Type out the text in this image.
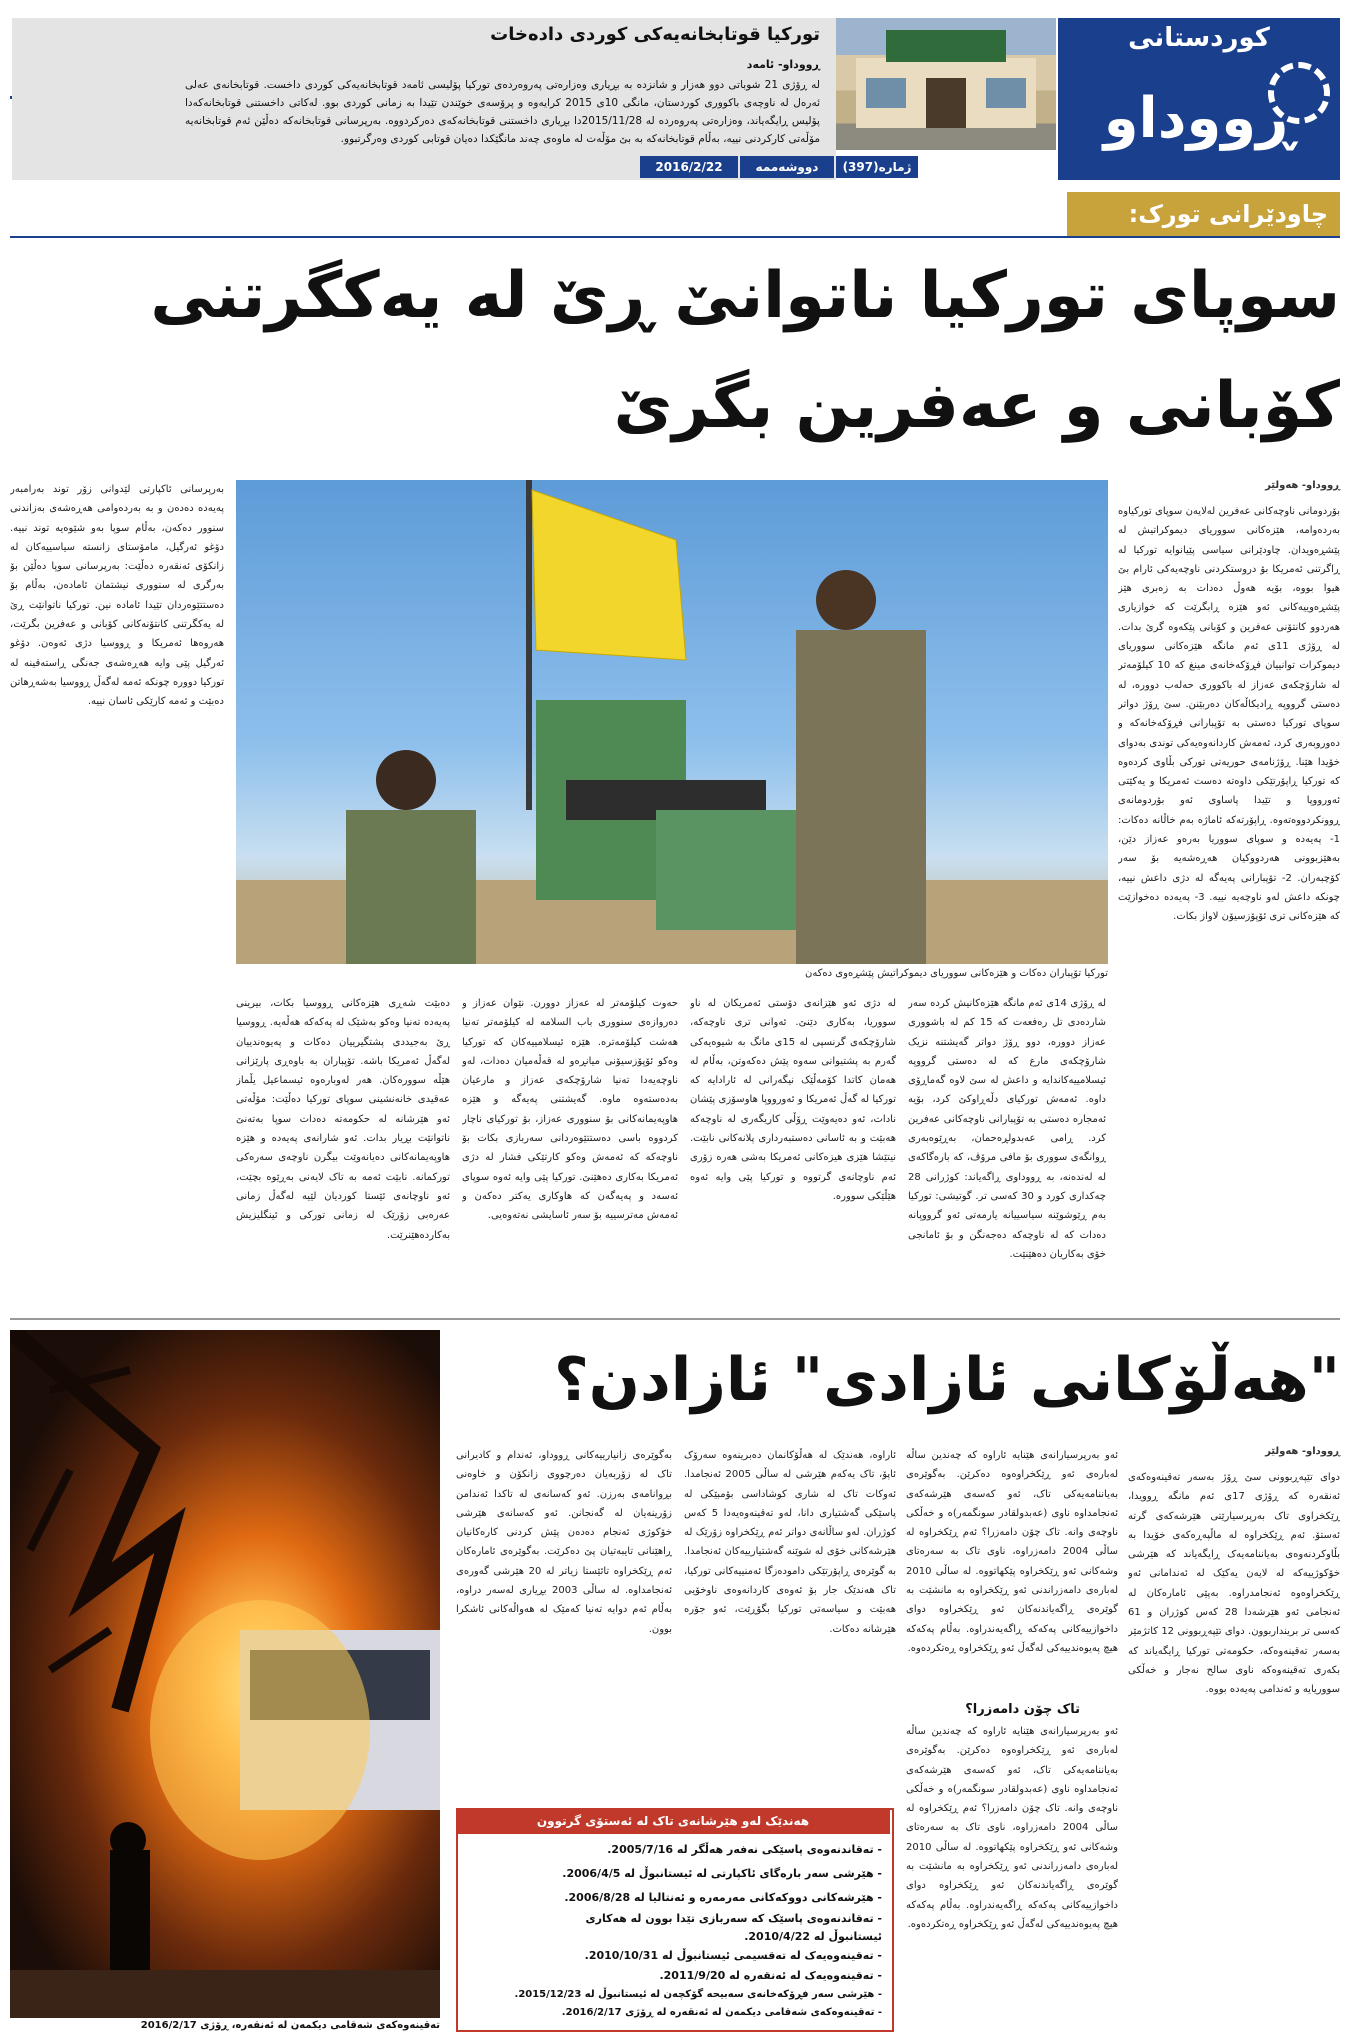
تورکیا قوتابخانەیەکی کوردی دادەخات
ڕووداو- ئامەد
لە ڕۆژی 21 شوباتی دوو هەزار و شانزدە بە بڕیاری وەزارەتی پەروەردەی تورکیا پۆلیسی ئامەد قوتابخانەیەکی کوردی داخست. قوتابخانەی عەلی ئەرەل لە ناوچەی باکووری کوردستان، مانگی 10ی 2015 کرایەوە و پرۆسەی خوێندن تێیدا بە زمانی کوردی بوو. لەکاتی داخستنی قوتابخانەکەدا پۆلیس ڕایگەیاند، وەزارەتی پەروەردە لە 2015/11/28دا بڕیاری داخستنی قوتابخانەکەی دەرکردووە. بەرپرسانی قوتابخانەکە دەڵێن ئەم قوتابخانەیە مۆڵەتی کارکردنی نییە، بەڵام قوتابخانەکە بە بێ مۆڵەت لە ماوەی چەند مانگێکدا دەیان قوتابی کوردی وەرگرتبوو.
ژمارە(397)
دووشەممە
2016/2/22
کوردستانی
ڕووداو
چاودێرانی تورک:
سوپای تورکیا ناتوانێ ڕێ لە یەکگرتنی
کۆبانی و عەفرین بگرێ
تورکیا تۆپباران دەکات و هێزەکانی سووریای دیموکراتیش پێشڕەوی دەکەن
ڕووداو- هەولێر
بۆردومانی ناوچەکانی عەفرین لەلایەن سوپای تورکیاوە بەردەوامە، هێزەکانی سووریای دیموکراتیش لە پێشڕەویدان. چاودێرانی سیاسی پێیانوایە تورکیا لە ڕاگرتنی ئەمریکا بۆ دروستکردنی ناوچەیەکی ئارام بێ هیوا بووە، بۆیە هەوڵ دەدات بە زەبری هێز پێشڕەوییەکانی ئەو هێزە ڕابگرێت کە خوازیاری هەردوو کانتۆنی عەفرین و کۆبانی پێکەوە گرێ بدات. لە ڕۆژی 11ی ئەم مانگە هێزەکانی سووریای دیموکرات توانییان فڕۆکەخانەی مینغ کە 10 کیلۆمەتر لە شارۆچکەی عەزاز لە باکووری حەلەب دوورە، لە دەستی گرووپە ڕادیکاڵەکان دەربێنن. سێ ڕۆژ دواتر سوپای تورکیا دەستی بە تۆپبارانی فڕۆکەخانەکە و دەوروبەری کرد، ئەمەش کاردانەوەیەکی توندی بەدوای خۆیدا هێنا. ڕۆژنامەی حوریەتی تورکی بڵاوی کردەوە کە تورکیا ڕاپۆرتێکی داوەتە دەست ئەمریکا و یەکێتی ئەورووپا و تێیدا پاساوی ئەو بۆردومانەی ڕوونکردووەتەوە. ڕاپۆرتەکە ئاماژە بەم خاڵانە دەکات: 1- پەیەدە و سوپای سووریا بەرەو عەزاز دێن، بەهێزبوونی هەردووکیان هەڕەشەیە بۆ سەر کۆچبەران. 2- تۆپبارانی پەیەگە لە دژی داعش نییە، چونکە داعش لەو ناوچەیە نییە. 3- پەیەدە دەخوازێت کە هێزەکانی تری ئۆپۆزسیۆن لاواز بکات.
لە ڕۆژی 14ی ئەم مانگە هێزەکانیش کردە سەر شاردەدی تل رەفعەت کە 15 کم لە باشووری عەزاز دوورە، دوو ڕۆژ دواتر گەیشتنە نزیک شارۆچکەی مارع کە لە دەستی گرووپە ئیسلامییەکاندایە و داعش لە سێ لاوە گەماڕۆی داوە. ئەمەش تورکیای دڵەڕاوکێ کرد، بۆیە ئەمجارە دەستی بە تۆپبارانی ناوچەکانی عەفرین کرد. ڕامی عەبدولڕەحمان، بەڕێوەبەری ڕوانگەی سووری بۆ مافی مرۆڤ، کە بارەگاکەی لە لەندەنە، بە ڕووداوی ڕاگەیاند: کوژرانی 28 چەکداری کورد و 30 کەسی تر. گوتیشی: تورکیا بەم ڕێوشوێنە سیاسییانە یارمەتی ئەو گرووپانە دەدات کە لە ناوچەکە دەجەنگن و بۆ ئامانجی خۆی بەکاریان دەهێنێت.
لە دژی ئەو هێزانەی دۆستی ئەمریکان لە ناو سووریا، بەکاری دێنێ. ئەوانی تری ناوچەکە، شارۆچکەی گرنسپی لە 15ی مانگ بە شیوەیەکی گەرم بە پشتیوانی سەوە پێش دەکەوتن، بەڵام لە هەمان کاتدا کۆمەڵێک نیگەرانی لە ئارادایە کە تورکیا لە گەڵ ئەمریکا و ئەورووپا هاوسۆزی پێشان نادات، ئەو دەیەوێت ڕۆڵی کاریگەری لە ناوچەکە هەبێت و بە ئاسانی دەستبەرداری پلانەکانی نابێت. نیتێشا هێزی هیزەکانی ئەمریکا بەشی هەرە زۆری ئەم ناوچانەی گرتووە و تورکیا پێی وایە ئەوە هێڵێکی سوورە.
حەوت کیلۆمەتر لە عەزاز دوورن. نێوان عەزاز و دەروازەی سنووری باب السلامە لە کیلۆمەتر تەنیا هەشت کیلۆمەترە. هێزە ئیسلامییەکان کە تورکیا وەکو ئۆپۆزسیۆنی میانڕەو لە قەڵەمیان دەدات، لەو ناوچەیەدا تەنیا شارۆچکەی عەزاز و مارعیان بەدەستەوە ماوە. گەیشتنی پەیەگە و هێزە هاوپەیمانەکانی بۆ سنووری عەزاز، بۆ تورکیای ناچار کردووە باسی دەستتێوەردانی سەربازی بکات بۆ ناوچەکە کە ئەمەش وەکو کارتێکی فشار لە دژی ئەمریکا بەکاری دەهێنێ. تورکیا پێی وایە ئەوە سوپای ئەسەد و پەیەگەن کە هاوکاری یەکتر دەکەن و ئەمەش مەترسییە بۆ سەر ئاسایشی نەتەوەیی.
دەبێت شەڕی هێزەکانی ڕووسیا بکات، بیرینی پەیەدە تەنیا وەکو بەشێک لە پەکەکە هەڵەیە. ڕووسیا ڕێ بەجیددی پشتگیرییان دەکات و پەیوەندییان لەگەڵ ئەمریکا باشە. تۆپباران بە باوەڕی پارێزانی هێڵە سوورەکان. هەر لەوبارەوە ئیسماعیل یڵماز عەقیدی خانەنشینی سوپای تورکیا دەڵێت: مۆڵەتی ئەو هێرشانە لە حکومەتە دەدات سوپا بەتەنێ ناتوانێت بڕیار بدات. ئەو شارانەی پەیەدە و هێزە هاوپەیمانەکانی دەیانەوێت بیگرن ناوچەی سەرەکی تورکمانە. نابێت ئەمە بە تاک لایەنی بەڕێوە بچێت، ئەو ناوچانەی ئێستا کوردیان لێیە لەگەڵ زمانی عەرەبی زۆرێک لە زمانی تورکی و ئینگلیزیش بەکاردەهێنرێت.
بەرپرسانی ئاکپارتی لێدوانی زۆر توند بەرامبەر پەیەدە دەدەن و بە بەردەوامی هەڕەشەی بەزاندنی سنوور دەکەن، بەڵام سوپا بەو شێوەیە توند نییە. دۆغو ئەرگیل، مامۆستای زانستە سیاسییەکان لە زانکۆی ئەنقەرە دەڵێت: بەرپرسانی سوپا دەڵێن بۆ بەرگری لە سنووری نیشتمان ئامادەن، بەڵام بۆ دەستتێوەردان تێیدا ئامادە نین. تورکیا ناتوانێت ڕێ لە یەکگرتنی کانتۆنەکانی کۆبانی و عەفرین بگرێت، هەروەها ئەمریکا و ڕووسیا دژی ئەوەن. دۆغو ئەرگیل پێی وایە هەڕەشەی جەنگی ڕاستەقینە لە تورکیا دوورە چونکە ئەمە لەگەڵ ڕووسیا بەشەڕهاتن دەبێت و ئەمە کارێکی ئاسان نییە.
"هەڵۆکانی ئازادی" ئازادن؟
تەقینەوەکەی شەقامی دیکمەن لە ئەنقەرە، ڕۆژی 2016/2/17
ڕووداو- هەولێر
دوای تێپەڕبوونی سێ ڕۆژ بەسەر تەقینەوەکەی ئەنقەرە کە ڕۆژی 17ی ئەم مانگە ڕوویدا، ڕێکخراوی تاک بەرپرسیارێتی هێرشەکەی گرتە ئەستۆ. ئەم ڕێکخراوە لە ماڵپەڕەکەی خۆیدا بە بڵاوکردنەوەی بەیاننامەیەک ڕایگەیاند کە هێرشی خۆکوژییەکە لە لایەن یەکێک لە ئەندامانی ئەو ڕێکخراوەوە ئەنجامدراوە. بەپێی ئامارەکان لە ئەنجامی ئەو هێرشەدا 28 کەس کوژران و 61 کەسی تر برینداربوون. دوای تێپەڕبوونی 12 کاتژمێر بەسەر تەقینەوەکە، حکومەتی تورکیا ڕایگەیاند کە بکەری تەقینەوەکە ناوی سالح نەجار و خەڵکی سووریایە و ئەندامی پەیەدە بووە.
ئەو بەرپرسیارانەی هێنایە ئاراوە کە چەندین ساڵە لەبارەی ئەو ڕێکخراوەوە دەکرێن. بەگوێرەی بەیاننامەیەکی تاک، ئەو کەسەی هێرشەکەی ئەنجامداوە ناوی (عەبدولقادر سونگمەر)ە و خەڵکی ناوچەی وانە. تاک چۆن دامەزرا؟ ئەم ڕێکخراوە لە ساڵی 2004 دامەزراوە، ناوی تاک بە سەرەتای وشەکانی ئەو ڕێکخراوە پێکهاتووە. لە ساڵی 2010 لەبارەی دامەزراندنی ئەو ڕێکخراوە بە مانشێت بە گوێرەی ڕاگەیاندنەکان ئەو ڕێکخراوە دوای داخوازییەکانی پەکەکە ڕاگەیەندراوە. بەڵام پەکەکە هیچ پەیوەندییەکی لەگەڵ ئەو ڕێکخراوە ڕەتکردەوە.
تاک چۆن دامەزرا؟
ئەو بەرپرسیارانەی هێنایە ئاراوە کە چەندین ساڵە لەبارەی ئەو ڕێکخراوەوە دەکرێن. بەگوێرەی بەیاننامەیەکی تاک، ئەو کەسەی هێرشەکەی ئەنجامداوە ناوی (عەبدولقادر سونگمەر)ە و خەڵکی ناوچەی وانە. تاک چۆن دامەزرا؟ ئەم ڕێکخراوە لە ساڵی 2004 دامەزراوە، ناوی تاک بە سەرەتای وشەکانی ئەو ڕێکخراوە پێکهاتووە. لە ساڵی 2010 لەبارەی دامەزراندنی ئەو ڕێکخراوە بە مانشێت بە گوێرەی ڕاگەیاندنەکان ئەو ڕێکخراوە دوای داخوازییەکانی پەکەکە ڕاگەیەندراوە. بەڵام پەکەکە هیچ پەیوەندییەکی لەگەڵ ئەو ڕێکخراوە ڕەتکردەوە.
ئاراوە، هەندێک لە هەڵۆکانمان دەبرینەوە سەرۆک ئاپۆ، تاک یەکەم هێرشی لە ساڵی 2005 ئەنجامدا. ئەوکات تاک لە شاری کوشاداسی بۆمبێکی لە پاسێکی گەشتیاری دانا، لەو تەقینەوەیەدا 5 کەس کوژران. لەو ساڵانەی دواتر ئەم ڕێکخراوە زۆرێک لە هێرشەکانی خۆی لە شوێنە گەشتیارییەکان ئەنجامدا. بە گوێرەی ڕاپۆرتێکی دامودەزگا ئەمنییەکانی تورکیا، تاک هەندێک جار بۆ ئەوەی کاردانەوەی ناوخۆیی هەبێت و سیاسەتی تورکیا بگۆڕێت، ئەو جۆرە هێرشانە دەکات.
بەگوێرەی زانیارییەکانی ڕووداو، ئەندام و کادیرانی تاک لە زۆربەیان دەرچووی زانکۆن و خاوەنی بڕوانامەی بەرزن. ئەو کەسانەی لە تاکدا ئەندامن زۆرینەیان لە گەنجانن. ئەو کەسانەی هێرشی خۆکوژی ئەنجام دەدەن پێش کردنی کارەکانیان ڕاهێنانی تایبەتیان پێ دەکرێت. بەگوێرەی ئامارەکان ئەم ڕێکخراوە تائێستا زیاتر لە 20 هێرشی گەورەی ئەنجامداوە. لە ساڵی 2003 بڕیاری لەسەر دراوە، بەڵام ئەم دوایە تەنیا کەمێک لە هەواڵەکانی ئاشکرا بوون.
هەندێک لەو هێرشانەی تاک لە ئەستۆی گرتوون
- تەقاندنەوەی پاسێکی نەفەر هەڵگر لە 2005/7/16.
- هێرشی سەر بارەگای ئاکپارتی لە ئیستانبوڵ لە 2006/4/5.
- هێرشەکانی دووکەکانی مەرمەرە و ئەنتالیا لە 2006/8/28.
- تەقاندنەوەی پاسێک کە سەربازی تێدا بوون لە هەکاری
ئیستانبوڵ لە 2010/4/22.
- تەقینەوەیەک لە تەقسیمی ئیستانبوڵ لە 2010/10/31.
- تەقینەوەیەک لە ئەنقەرە لە 2011/9/20.
- هێرشی سەر فڕۆکەخانەی سەبیحە گۆکچەن لە ئیستانبوڵ لە 2015/12/23.
- تەقینەوەکەی شەقامی دیکمەن لە ئەنقەرە لە ڕۆژی 2016/2/17.
